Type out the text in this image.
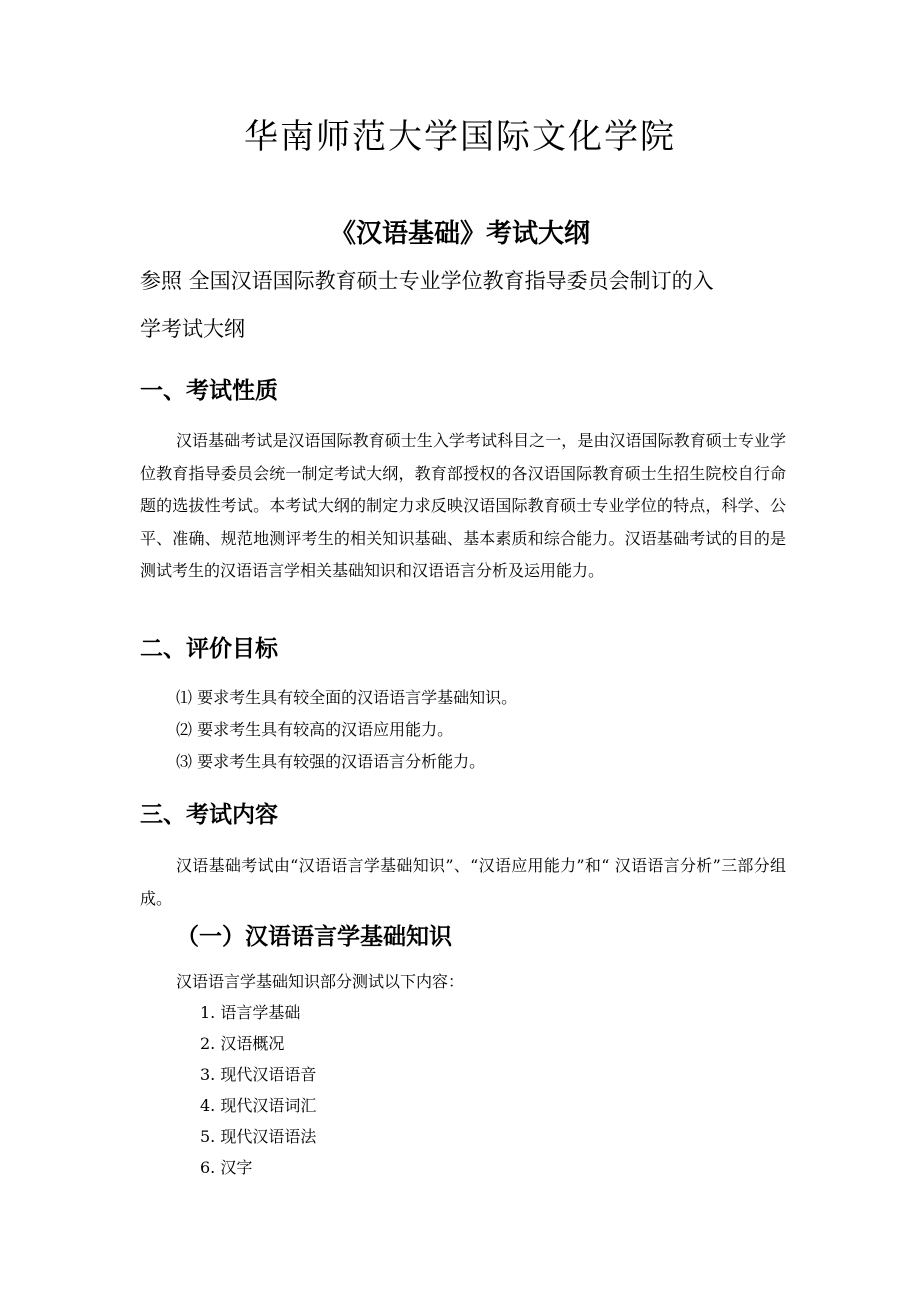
华南师范大学国际文化学院
《汉语基础》考试大纲
参照 全国汉语国际教育硕士专业学位教育指导委员会制订的入
学考试大纲
一、考试性质
汉语基础考试是汉语国际教育硕士生入学考试科目之一，是由汉语国际教育硕士专业学位教育指导委员会统一制定考试大纲，教育部授权的各汉语国际教育硕士生招生院校自行命题的选拔性考试。本考试大纲的制定力求反映汉语国际教育硕士专业学位的特点，科学、公平、准确、规范地测评考生的相关知识基础、基本素质和综合能力。汉语基础考试的目的是测试考生的汉语语言学相关基础知识和汉语语言分析及运用能力。
二、评价目标
⑴ 要求考生具有较全面的汉语语言学基础知识。
⑵ 要求考生具有较高的汉语应用能力。
⑶ 要求考生具有较强的汉语语言分析能力。
三、考试内容
汉语基础考试由“汉语语言学基础知识”、“汉语应用能力”和“ 汉语语言分析”三部分组成。
（一）汉语语言学基础知识
汉语语言学基础知识部分测试以下内容：
1. 语言学基础
2. 汉语概况
3. 现代汉语语音
4. 现代汉语词汇
5. 现代汉语语法
6. 汉字
